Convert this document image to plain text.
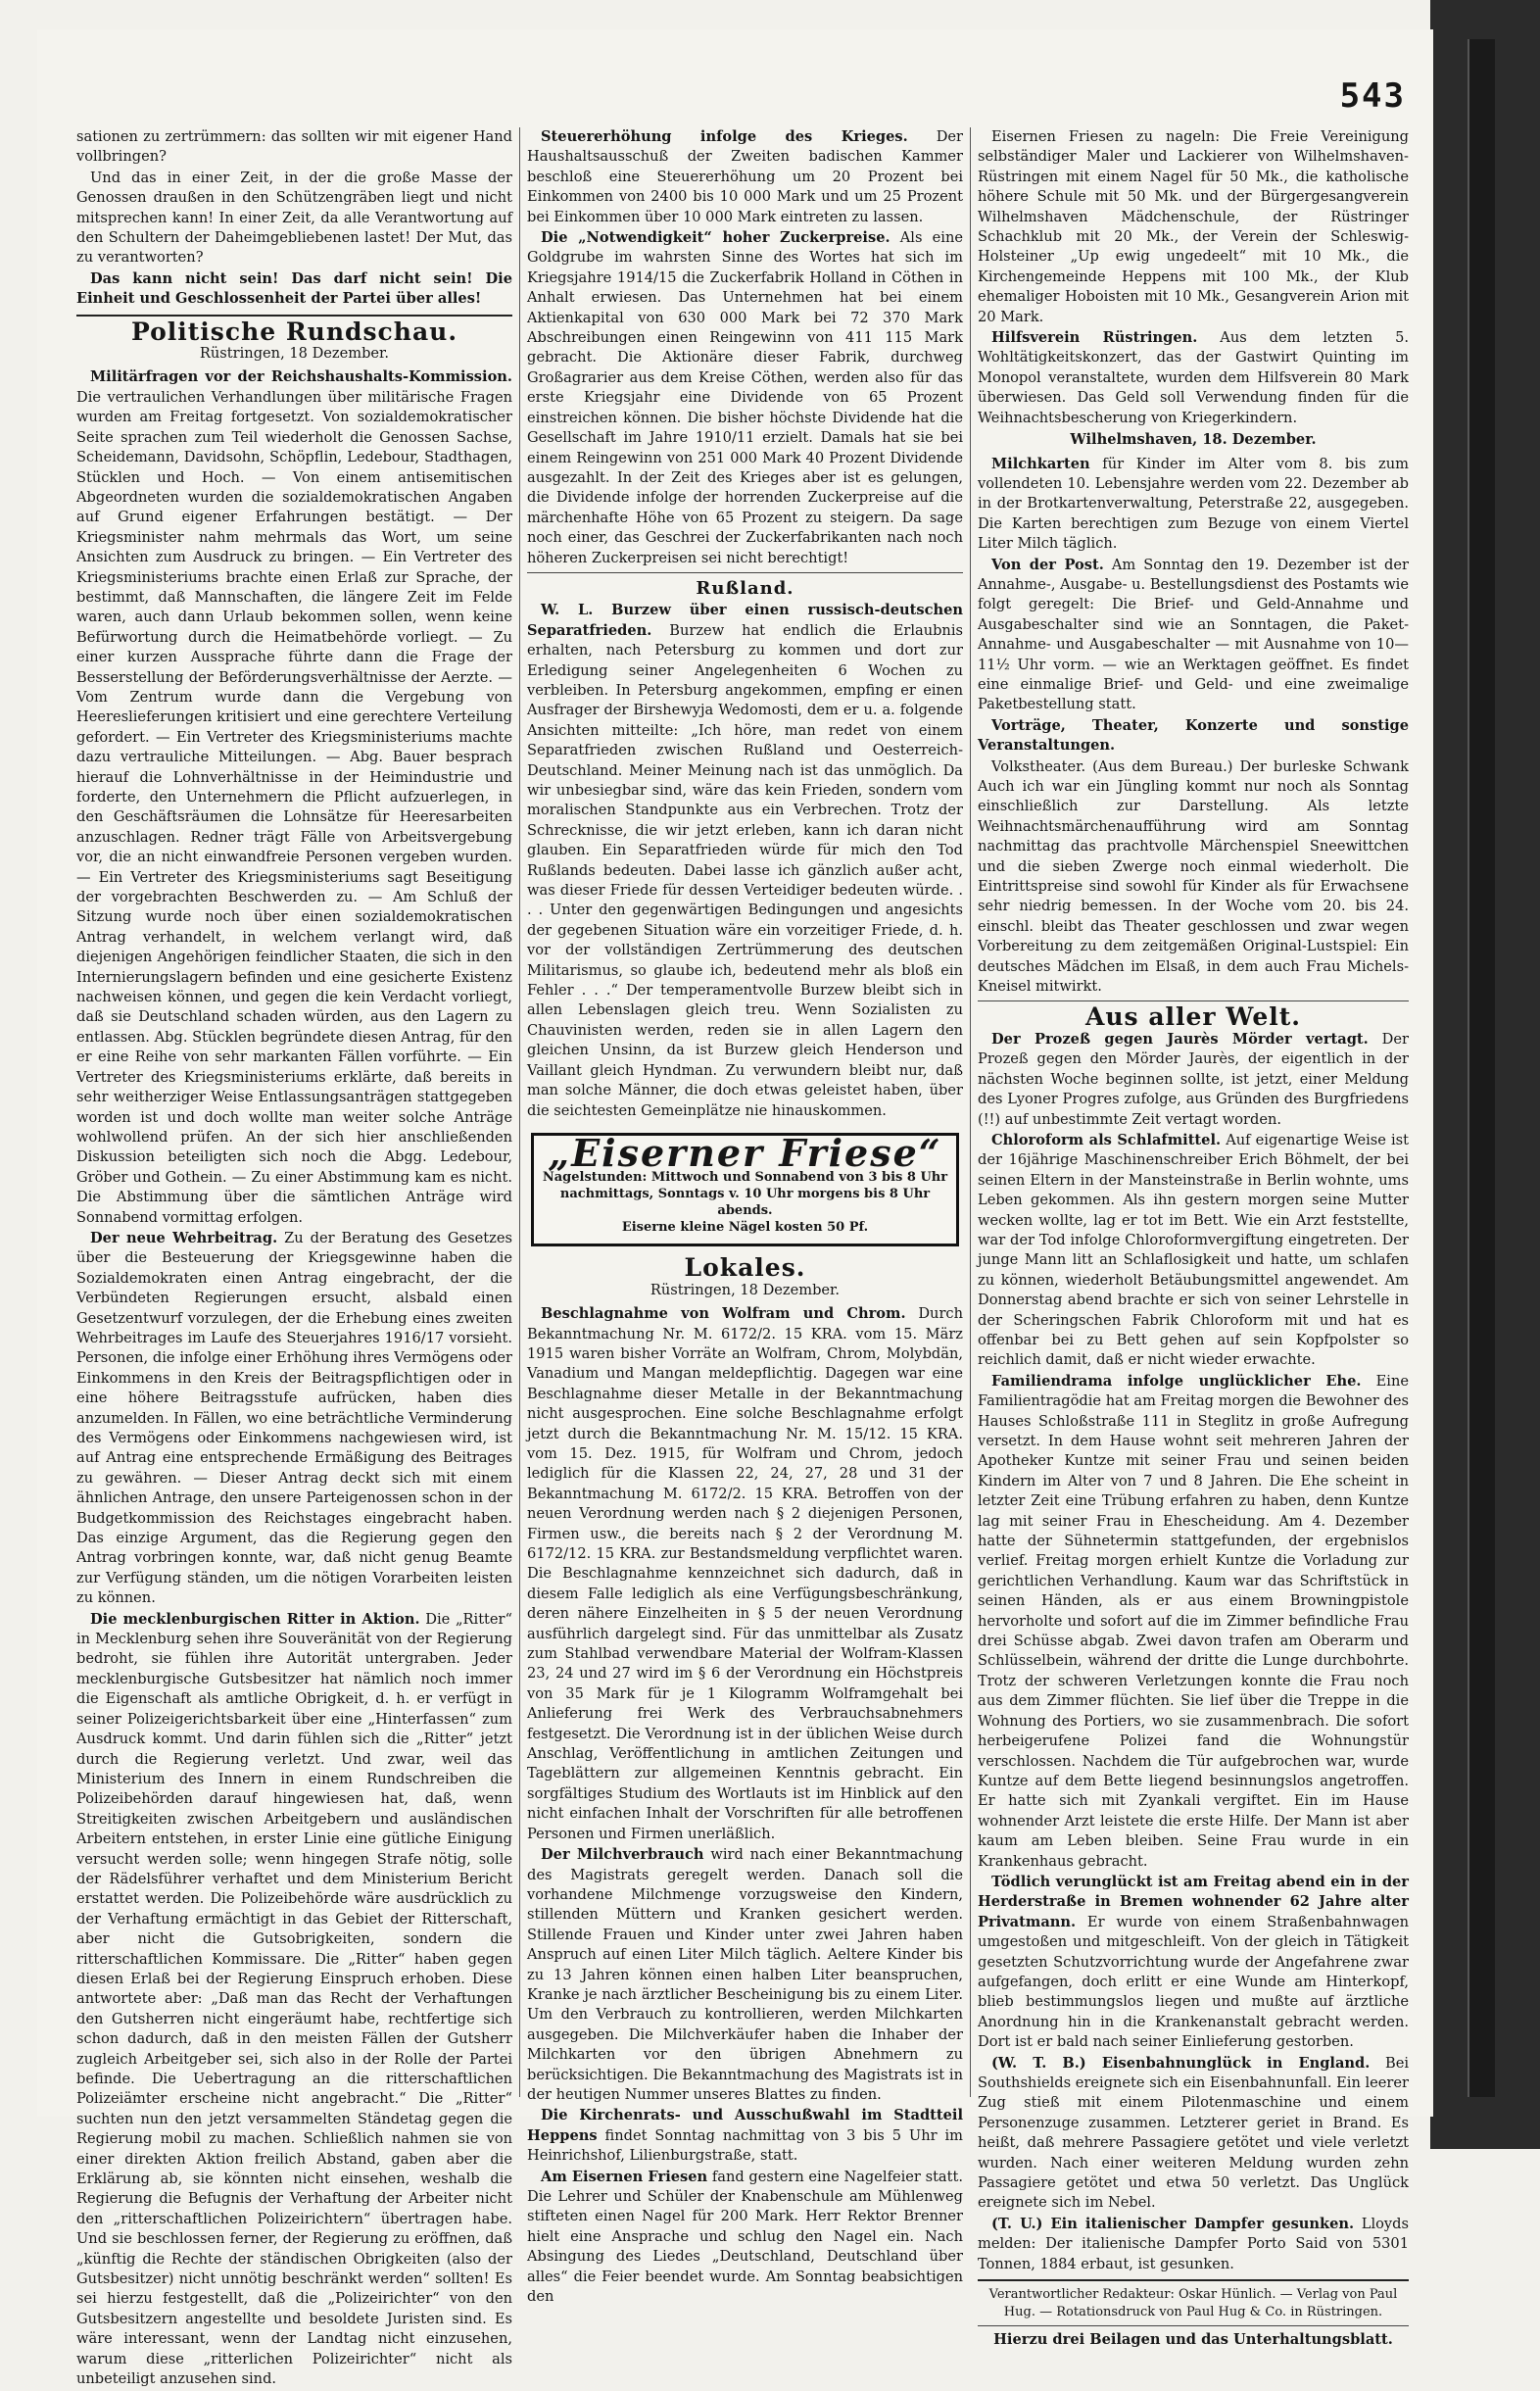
543

sationen zu zertrümmern: das sollten wir mit eigener Hand vollbringen?

Und das in einer Zeit, in der die große Masse der Genossen draußen in den Schützengräben liegt und nicht mitsprechen kann! In einer Zeit, da alle Verantwortung auf den Schultern der Daheimgebliebenen lastet! Der Mut, das zu verantworten?

Das kann nicht sein! Das darf nicht sein! Die Einheit und Geschlossenheit der Partei über alles!

Politische Rundschau.
Rüstringen, 18 Dezember.

Militärfragen vor der Reichshaushalts-Kommission. Die vertraulichen Verhandlungen über militärische Fragen wurden am Freitag fortgesetzt. Von sozialdemokratischer Seite sprachen zum Teil wiederholt die Genossen Sachse, Scheidemann, Davidsohn, Schöpflin, Ledebour, Stadthagen, Stücklen und Hoch. — Von einem antisemitischen Abgeordneten wurden die sozialdemokratischen Angaben auf Grund eigener Erfahrungen bestätigt. — Der Kriegsminister nahm mehrmals das Wort, um seine Ansichten zum Ausdruck zu bringen. — Ein Vertreter des Kriegsministeriums brachte einen Erlaß zur Sprache, der bestimmt, daß Mannschaften, die längere Zeit im Felde waren, auch dann Urlaub bekommen sollen, wenn keine Befürwortung durch die Heimatbehörde vorliegt. — Zu einer kurzen Aussprache führte dann die Frage der Besserstellung der Beförderungsverhältnisse der Aerzte. — Vom Zentrum wurde dann die Vergebung von Heereslieferungen kritisiert und eine gerechtere Verteilung gefordert. — Ein Vertreter des Kriegsministeriums machte dazu vertrauliche Mitteilungen. — Abg. Bauer besprach hierauf die Lohnverhältnisse in der Heimindustrie und forderte, den Unternehmern die Pflicht aufzuerlegen, in den Geschäftsräumen die Lohnsätze für Heeresarbeiten anzuschlagen. Redner trägt Fälle von Arbeitsvergebung vor, die an nicht einwandfreie Personen vergeben wurden. — Ein Vertreter des Kriegsministeriums sagt Beseitigung der vorgebrachten Beschwerden zu. — Am Schluß der Sitzung wurde noch über einen sozialdemokratischen Antrag verhandelt, in welchem verlangt wird, daß diejenigen Angehörigen feindlicher Staaten, die sich in den Internierungslagern befinden und eine gesicherte Existenz nachweisen können, und gegen die kein Verdacht vorliegt, daß sie Deutschland schaden würden, aus den Lagern zu entlassen. Abg. Stücklen begründete diesen Antrag, für den er eine Reihe von sehr markanten Fällen vorführte. — Ein Vertreter des Kriegsministeriums erklärte, daß bereits in sehr weitherziger Weise Entlassungsanträgen stattgegeben worden ist und doch wollte man weiter solche Anträge wohlwollend prüfen. An der sich hier anschließenden Diskussion beteiligten sich noch die Abgg. Ledebour, Gröber und Gothein. — Zu einer Abstimmung kam es nicht. Die Abstimmung über die sämtlichen Anträge wird Sonnabend vormittag erfolgen.

Der neue Wehrbeitrag. Zu der Beratung des Gesetzes über die Besteuerung der Kriegsgewinne haben die Sozialdemokraten einen Antrag eingebracht, der die Verbündeten Regierungen ersucht, alsbald einen Gesetzentwurf vorzulegen, der die Erhebung eines zweiten Wehrbeitrages im Laufe des Steuerjahres 1916/17 vorsieht. Personen, die infolge einer Erhöhung ihres Vermögens oder Einkommens in den Kreis der Beitragspflichtigen oder in eine höhere Beitragsstufe aufrücken, haben dies anzumelden. In Fällen, wo eine beträchtliche Verminderung des Vermögens oder Einkommens nachgewiesen wird, ist auf Antrag eine entsprechende Ermäßigung des Beitrages zu gewähren. — Dieser Antrag deckt sich mit einem ähnlichen Antrage, den unsere Parteigenossen schon in der Budgetkommission des Reichstages eingebracht haben. Das einzige Argument, das die Regierung gegen den Antrag vorbringen konnte, war, daß nicht genug Beamte zur Verfügung ständen, um die nötigen Vorarbeiten leisten zu können.

Die mecklenburgischen Ritter in Aktion. Die „Ritter“ in Mecklenburg sehen ihre Souveränität von der Regierung bedroht, sie fühlen ihre Autorität untergraben. Jeder mecklenburgische Gutsbesitzer hat nämlich noch immer die Eigenschaft als amtliche Obrigkeit, d. h. er verfügt in seiner Polizeigerichtsbarkeit über eine „Hinterfassen“ zum Ausdruck kommt. Und darin fühlen sich die „Ritter“ jetzt durch die Regierung verletzt. Und zwar, weil das Ministerium des Innern in einem Rundschreiben die Polizeibehörden darauf hingewiesen hat, daß, wenn Streitigkeiten zwischen Arbeitgebern und ausländischen Arbeitern entstehen, in erster Linie eine gütliche Einigung versucht werden solle; wenn hingegen Strafe nötig, solle der Rädelsführer verhaftet und dem Ministerium Bericht erstattet werden. Die Polizeibehörde wäre ausdrücklich zu der Verhaftung ermächtigt in das Gebiet der Ritterschaft, aber nicht die Gutsobrigkeiten, sondern die ritterschaftlichen Kommissare. Die „Ritter“ haben gegen diesen Erlaß bei der Regierung Einspruch erhoben. Diese antwortete aber: „Daß man das Recht der Verhaftungen den Gutsherren nicht eingeräumt habe, rechtfertige sich schon dadurch, daß in den meisten Fällen der Gutsherr zugleich Arbeitgeber sei, sich also in der Rolle der Partei befinde. Die Uebertragung an die ritterschaftlichen Polizeiämter erscheine nicht angebracht.“ Die „Ritter“ suchten nun den jetzt versammelten Ständetag gegen die Regierung mobil zu machen. Schließlich nahmen sie von einer direkten Aktion freilich Abstand, gaben aber die Erklärung ab, sie könnten nicht einsehen, weshalb die Regierung die Befugnis der Verhaftung der Arbeiter nicht den „ritterschaftlichen Polizeirichtern“ übertragen habe. Und sie beschlossen ferner, der Regierung zu eröffnen, daß „künftig die Rechte der ständischen Obrigkeiten (also der Gutsbesitzer) nicht unnötig beschränkt werden“ sollten! Es sei hierzu festgestellt, daß die „Polizeirichter“ von den Gutsbesitzern angestellte und besoldete Juristen sind. Es wäre interessant, wenn der Landtag nicht einzusehen, warum diese „ritterlichen Polizeirichter“ nicht als unbeteiligt anzusehen sind.

Steuererhöhung infolge des Krieges. Der Haushaltsausschuß der Zweiten badischen Kammer beschloß eine Steuererhöhung um 20 Prozent bei Einkommen von 2400 bis 10 000 Mark und um 25 Prozent bei Einkommen über 10 000 Mark eintreten zu lassen.

Die „Notwendigkeit“ hoher Zuckerpreise. Als eine Goldgrube im wahrsten Sinne des Wortes hat sich im Kriegsjahre 1914/15 die Zuckerfabrik Holland in Cöthen in Anhalt erwiesen. Das Unternehmen hat bei einem Aktienkapital von 630 000 Mark bei 72 370 Mark Abschreibungen einen Reingewinn von 411 115 Mark gebracht. Die Aktionäre dieser Fabrik, durchweg Großagrarier aus dem Kreise Cöthen, werden also für das erste Kriegsjahr eine Dividende von 65 Prozent einstreichen können. Die bisher höchste Dividende hat die Gesellschaft im Jahre 1910/11 erzielt. Damals hat sie bei einem Reingewinn von 251 000 Mark 40 Prozent Dividende ausgezahlt. In der Zeit des Krieges aber ist es gelungen, die Dividende infolge der horrenden Zuckerpreise auf die märchenhafte Höhe von 65 Prozent zu steigern. Da sage noch einer, das Geschrei der Zuckerfabrikanten nach noch höheren Zuckerpreisen sei nicht berechtigt!

Rußland.

W. L. Burzew über einen russisch-deutschen Separatfrieden. Burzew hat endlich die Erlaubnis erhalten, nach Petersburg zu kommen und dort zur Erledigung seiner Angelegenheiten 6 Wochen zu verbleiben. In Petersburg angekommen, empfing er einen Ausfrager der Birshewyja Wedomosti, dem er u. a. folgende Ansichten mitteilte: „Ich höre, man redet von einem Separatfrieden zwischen Rußland und Oesterreich-Deutschland. Meiner Meinung nach ist das unmöglich. Da wir unbesiegbar sind, wäre das kein Frieden, sondern vom moralischen Standpunkte aus ein Verbrechen. Trotz der Schrecknisse, die wir jetzt erleben, kann ich daran nicht glauben. Ein Separatfrieden würde für mich den Tod Rußlands bedeuten. Dabei lasse ich gänzlich außer acht, was dieser Friede für dessen Verteidiger bedeuten würde. . . . Unter den gegenwärtigen Bedingungen und angesichts der gegebenen Situation wäre ein vorzeitiger Friede, d. h. vor der vollständigen Zertrümmerung des deutschen Militarismus, so glaube ich, bedeutend mehr als bloß ein Fehler . . .“ Der temperamentvolle Burzew bleibt sich in allen Lebenslagen gleich treu. Wenn Sozialisten zu Chauvinisten werden, reden sie in allen Lagern den gleichen Unsinn, da ist Burzew gleich Henderson und Vaillant gleich Hyndman. Zu verwundern bleibt nur, daß man solche Männer, die doch etwas geleistet haben, über die seichtesten Gemeinplätze nie hinauskommen.

„Eiserner Friese“
Nagelstunden: Mittwoch und Sonnabend von 3 bis 8 Uhr nachmittags, Sonntags v. 10 Uhr morgens bis 8 Uhr abends.
Eiserne kleine Nägel kosten 50 Pf.
Lokales.
Rüstringen, 18 Dezember.

Beschlagnahme von Wolfram und Chrom. Durch Bekanntmachung Nr. M. 6172/2. 15 KRA. vom 15. März 1915 waren bisher Vorräte an Wolfram, Chrom, Molybdän, Vanadium und Mangan meldepflichtig. Dagegen war eine Beschlagnahme dieser Metalle in der Bekanntmachung nicht ausgesprochen. Eine solche Beschlagnahme erfolgt jetzt durch die Bekanntmachung Nr. M. 15/12. 15 KRA. vom 15. Dez. 1915, für Wolfram und Chrom, jedoch lediglich für die Klassen 22, 24, 27, 28 und 31 der Bekanntmachung M. 6172/2. 15 KRA. Betroffen von der neuen Verordnung werden nach § 2 diejenigen Personen, Firmen usw., die bereits nach § 2 der Verordnung M. 6172/12. 15 KRA. zur Bestandsmeldung verpflichtet waren. Die Beschlagnahme kennzeichnet sich dadurch, daß in diesem Falle lediglich als eine Verfügungsbeschränkung, deren nähere Einzelheiten in § 5 der neuen Verordnung ausführlich dargelegt sind. Für das unmittelbar als Zusatz zum Stahlbad verwendbare Material der Wolfram-Klassen 23, 24 und 27 wird im § 6 der Verordnung ein Höchstpreis von 35 Mark für je 1 Kilogramm Wolframgehalt bei Anlieferung frei Werk des Verbrauchsabnehmers festgesetzt. Die Verordnung ist in der üblichen Weise durch Anschlag, Veröffentlichung in amtlichen Zeitungen und Tageblättern zur allgemeinen Kenntnis gebracht. Ein sorgfältiges Studium des Wortlauts ist im Hinblick auf den nicht einfachen Inhalt der Vorschriften für alle betroffenen Personen und Firmen unerläßlich.

Der Milchverbrauch wird nach einer Bekanntmachung des Magistrats geregelt werden. Danach soll die vorhandene Milchmenge vorzugsweise den Kindern, stillenden Müttern und Kranken gesichert werden. Stillende Frauen und Kinder unter zwei Jahren haben Anspruch auf einen Liter Milch täglich. Aeltere Kinder bis zu 13 Jahren können einen halben Liter beanspruchen, Kranke je nach ärztlicher Bescheinigung bis zu einem Liter. Um den Verbrauch zu kontrollieren, werden Milchkarten ausgegeben. Die Milchverkäufer haben die Inhaber der Milchkarten vor den übrigen Abnehmern zu berücksichtigen. Die Bekanntmachung des Magistrats ist in der heutigen Nummer unseres Blattes zu finden.

Die Kirchenrats- und Ausschußwahl im Stadtteil Heppens findet Sonntag nachmittag von 3 bis 5 Uhr im Heinrichshof, Lilienburgstraße, statt.

Am Eisernen Friesen fand gestern eine Nagelfeier statt. Die Lehrer und Schüler der Knabenschule am Mühlenweg stifteten einen Nagel für 200 Mark. Herr Rektor Brenner hielt eine Ansprache und schlug den Nagel ein. Nach Absingung des Liedes „Deutschland, Deutschland über alles“ die Feier beendet wurde. Am Sonntag beabsichtigen den

Eisernen Friesen zu nageln: Die Freie Vereinigung selbständiger Maler und Lackierer von Wilhelmshaven-Rüstringen mit einem Nagel für 50 Mk., die katholische höhere Schule mit 50 Mk. und der Bürgergesangverein Wilhelmshaven Mädchenschule, der Rüstringer Schachklub mit 20 Mk., der Verein der Schleswig-Holsteiner „Up ewig ungedeelt“ mit 10 Mk., die Kirchengemeinde Heppens mit 100 Mk., der Klub ehemaliger Hoboisten mit 10 Mk., Gesangverein Arion mit 20 Mark.

Hilfsverein Rüstringen. Aus dem letzten 5. Wohltätigkeitskonzert, das der Gastwirt Quinting im Monopol veranstaltete, wurden dem Hilfsverein 80 Mark überwiesen. Das Geld soll Verwendung finden für die Weihnachtsbescherung von Kriegerkindern.

Wilhelmshaven, 18. Dezember.

Milchkarten für Kinder im Alter vom 8. bis zum vollendeten 10. Lebensjahre werden vom 22. Dezember ab in der Brotkartenverwaltung, Peterstraße 22, ausgegeben. Die Karten berechtigen zum Bezuge von einem Viertel Liter Milch täglich.

Von der Post. Am Sonntag den 19. Dezember ist der Annahme-, Ausgabe- u. Bestellungsdienst des Postamts wie folgt geregelt: Die Brief- und Geld-Annahme und Ausgabeschalter sind wie an Sonntagen, die Paket-Annahme- und Ausgabeschalter — mit Ausnahme von 10—11½ Uhr vorm. — wie an Werktagen geöffnet. Es findet eine einmalige Brief- und Geld- und eine zweimalige Paketbestellung statt.

Vorträge, Theater, Konzerte und sonstige Veranstaltungen.

Volkstheater. (Aus dem Bureau.) Der burleske Schwank Auch ich war ein Jüngling kommt nur noch als Sonntag einschließlich zur Darstellung. Als letzte Weihnachtsmärchenaufführung wird am Sonntag nachmittag das prachtvolle Märchenspiel Sneewittchen und die sieben Zwerge noch einmal wiederholt. Die Eintrittspreise sind sowohl für Kinder als für Erwachsene sehr niedrig bemessen. In der Woche vom 20. bis 24. einschl. bleibt das Theater geschlossen und zwar wegen Vorbereitung zu dem zeitgemäßen Original-Lustspiel: Ein deutsches Mädchen im Elsaß, in dem auch Frau Michels-Kneisel mitwirkt.

Aus aller Welt.

Der Prozeß gegen Jaurès Mörder vertagt. Der Prozeß gegen den Mörder Jaurès, der eigentlich in der nächsten Woche beginnen sollte, ist jetzt, einer Meldung des Lyoner Progres zufolge, aus Gründen des Burgfriedens (!!) auf unbestimmte Zeit vertagt worden.

Chloroform als Schlafmittel. Auf eigenartige Weise ist der 16jährige Maschinenschreiber Erich Böhmelt, der bei seinen Eltern in der Mansteinstraße in Berlin wohnte, ums Leben gekommen. Als ihn gestern morgen seine Mutter wecken wollte, lag er tot im Bett. Wie ein Arzt feststellte, war der Tod infolge Chloroformvergiftung eingetreten. Der junge Mann litt an Schlaflosigkeit und hatte, um schlafen zu können, wiederholt Betäubungsmittel angewendet. Am Donnerstag abend brachte er sich von seiner Lehrstelle in der Scheringschen Fabrik Chloroform mit und hat es offenbar bei zu Bett gehen auf sein Kopfpolster so reichlich damit, daß er nicht wieder erwachte.

Familiendrama infolge unglücklicher Ehe. Eine Familientragödie hat am Freitag morgen die Bewohner des Hauses Schloßstraße 111 in Steglitz in große Aufregung versetzt. In dem Hause wohnt seit mehreren Jahren der Apotheker Kuntze mit seiner Frau und seinen beiden Kindern im Alter von 7 und 8 Jahren. Die Ehe scheint in letzter Zeit eine Trübung erfahren zu haben, denn Kuntze lag mit seiner Frau in Ehescheidung. Am 4. Dezember hatte der Sühnetermin stattgefunden, der ergebnislos verlief. Freitag morgen erhielt Kuntze die Vorladung zur gerichtlichen Verhandlung. Kaum war das Schriftstück in seinen Händen, als er aus einem Browningpistole hervorholte und sofort auf die im Zimmer befindliche Frau drei Schüsse abgab. Zwei davon trafen am Oberarm und Schlüsselbein, während der dritte die Lunge durchbohrte. Trotz der schweren Verletzungen konnte die Frau noch aus dem Zimmer flüchten. Sie lief über die Treppe in die Wohnung des Portiers, wo sie zusammenbrach. Die sofort herbeigerufene Polizei fand die Wohnungstür verschlossen. Nachdem die Tür aufgebrochen war, wurde Kuntze auf dem Bette liegend besinnungslos angetroffen. Er hatte sich mit Zyankali vergiftet. Ein im Hause wohnender Arzt leistete die erste Hilfe. Der Mann ist aber kaum am Leben bleiben. Seine Frau wurde in ein Krankenhaus gebracht.

Tödlich verunglückt ist am Freitag abend ein in der Herderstraße in Bremen wohnender 62 Jahre alter Privatmann. Er wurde von einem Straßenbahnwagen umgestoßen und mitgeschleift. Von der gleich in Tätigkeit gesetzten Schutzvorrichtung wurde der Angefahrene zwar aufgefangen, doch erlitt er eine Wunde am Hinterkopf, blieb bestimmungslos liegen und mußte auf ärztliche Anordnung hin in die Krankenanstalt gebracht werden. Dort ist er bald nach seiner Einlieferung gestorben.

(W. T. B.) Eisenbahnunglück in England. Bei Southshields ereignete sich ein Eisenbahnunfall. Ein leerer Zug stieß mit einem Pilotenmaschine und einem Personenzuge zusammen. Letzterer geriet in Brand. Es heißt, daß mehrere Passagiere getötet und viele verletzt wurden. Nach einer weiteren Meldung wurden zehn Passagiere getötet und etwa 50 verletzt. Das Unglück ereignete sich im Nebel.

(T. U.) Ein italienischer Dampfer gesunken. Lloyds melden: Der italienische Dampfer Porto Said von 5301 Tonnen, 1884 erbaut, ist gesunken.

Verantwortlicher Redakteur: Oskar Hünlich. — Verlag von Paul Hug. — Rotationsdruck von Paul Hug & Co. in Rüstringen.
Hierzu drei Beilagen und das Unterhaltungsblatt.
